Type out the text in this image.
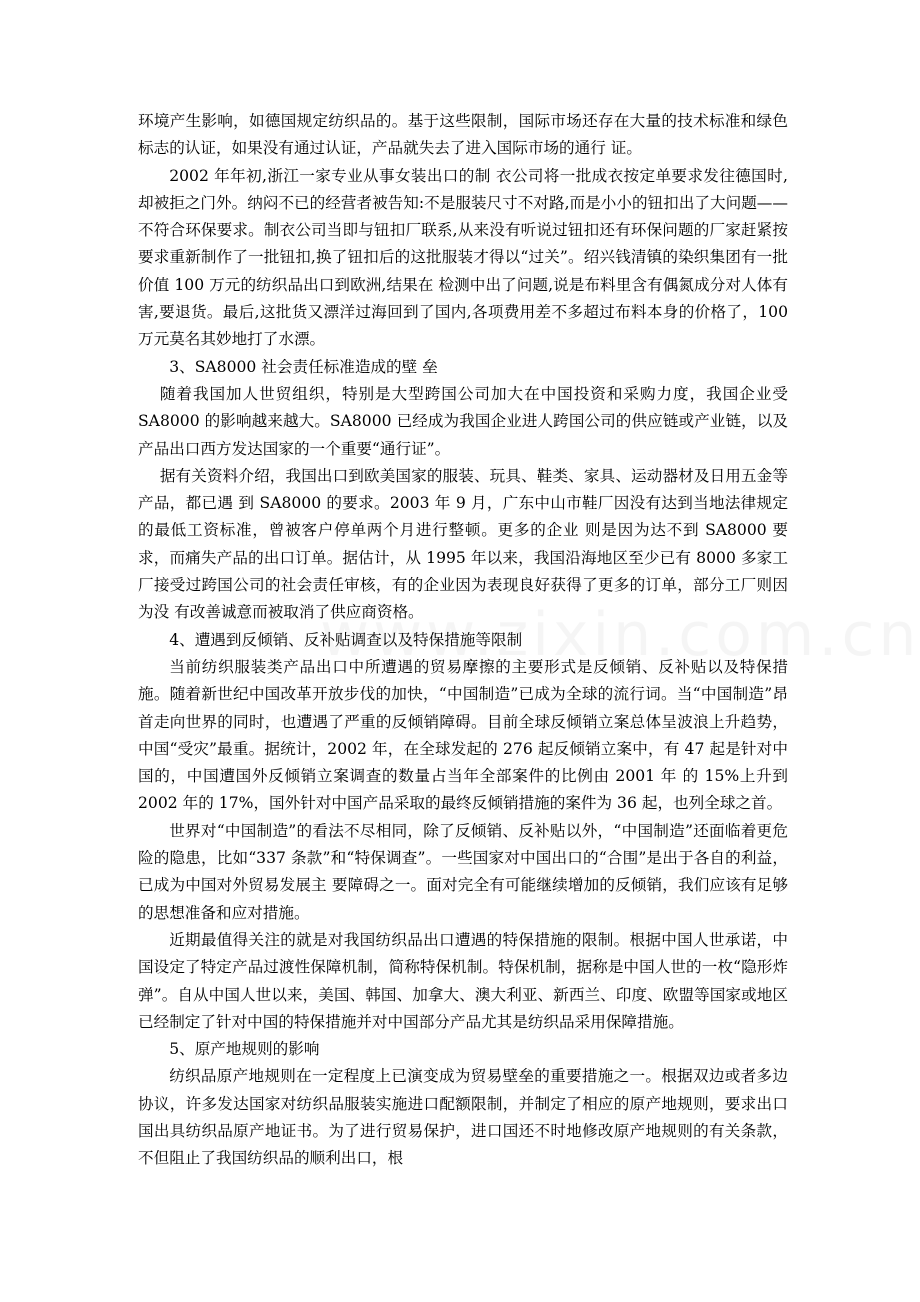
环境产生影响，如德国规定纺织品的。基于这些限制，国际市场还存在大量的技术标准和绿色标志的认证，如果没有通过认证，产品就失去了进入国际市场的通行 证。

2002 年年初,浙江一家专业从事女装出口的制 衣公司将一批成衣按定单要求发往德国时,却被拒之门外。纳闷不已的经营者被告知:不是服装尺寸不对路,而是小小的钮扣出了大问题——不符合环保要求。制衣公司当即与钮扣厂联系,从来没有听说过钮扣还有环保问题的厂家赶紧按要求重新制作了一批钮扣,换了钮扣后的这批服装才得以“过关”。绍兴钱清镇的染织集团有一批价值 100 万元的纺织品出口到欧洲,结果在 检测中出了问题,说是布料里含有偶氮成分对人体有害,要退货。最后,这批货又漂洋过海回到了国内,各项费用差不多超过布料本身的价格了，100 万元莫名其妙地打了水漂。

3、SA8000 社会责任标准造成的壁 垒

随着我国加人世贸组织，特别是大型跨国公司加大在中国投资和采购力度，我国企业受 SA8000 的影响越来越大。SA8000 已经成为我国企业进人跨国公司的供应链或产业链，以及产品出口西方发达国家的一个重要“通行证”。

据有关资料介绍，我国出口到欧美国家的服装、玩具、鞋类、家具、运动器材及日用五金等产品，都已遇 到 SA8000 的要求。2003 年 9 月，广东中山市鞋厂因没有达到当地法律规定的最低工资标准，曾被客户停单两个月进行整顿。更多的企业 则是因为达不到 SA8000 要求，而痛失产品的出口订单。据估计，从 1995 年以来，我国沿海地区至少已有 8000 多家工厂接受过跨国公司的社会责任审核，有的企业因为表现良好获得了更多的订单，部分工厂则因为没 有改善诚意而被取消了供应商资格。

4、遭遇到反倾销、反补贴调查以及特保措施等限制

当前纺织服装类产品出口中所遭遇的贸易摩擦的主要形式是反倾销、反补贴以及特保措施。随着新世纪中国改革开放步伐的加快，“中国制造”已成为全球的流行词。当“中国制造”昂首走向世界的同时，也遭遇了严重的反倾销障碍。目前全球反倾销立案总体呈波浪上升趋势，中国“受灾”最重。据统计，2002 年，在全球发起的 276 起反倾销立案中，有 47 起是针对中国的，中国遭国外反倾销立案调查的数量占当年全部案件的比例由 2001 年 的 15%上升到 2002 年的 17%，国外针对中国产品采取的最终反倾销措施的案件为 36 起，也列全球之首。

世界对“中国制造”的看法不尽相同，除了反倾销、反补贴以外，“中国制造”还面临着更危险的隐患，比如“337 条款”和“特保调查”。一些国家对中国出口的“合围”是出于各自的利益，已成为中国对外贸易发展主 要障碍之一。面对完全有可能继续增加的反倾销，我们应该有足够的思想准备和应对措施。

近期最值得关注的就是对我国纺织品出口遭遇的特保措施的限制。根据中国人世承诺，中国设定了特定产品过渡性保障机制，简称特保机制。特保机制，据称是中国人世的一枚“隐形炸弹”。自从中国人世以来，美国、韩国、加拿大、澳大利亚、新西兰、印度、欧盟等国家或地区已经制定了针对中国的特保措施并对中国部分产品尤其是纺织品采用保障措施。

5、原产地规则的影响

纺织品原产地规则在一定程度上已演变成为贸易壁垒的重要措施之一。根据双边或者多边协议，许多发达国家对纺织品服装实施进口配额限制，并制定了相应的原产地规则，要求出口国出具纺织品原产地证书。为了进行贸易保护，进口国还不时地修改原产地规则的有关条款，不但阻止了我国纺织品的顺利出口，根
